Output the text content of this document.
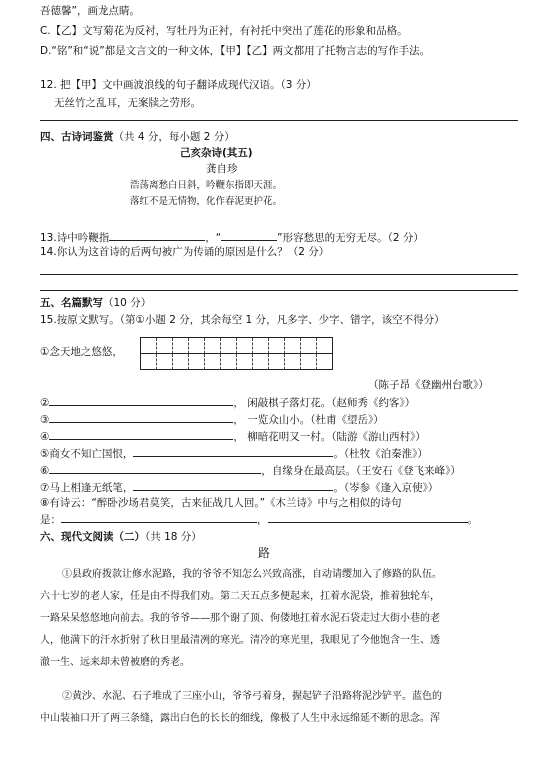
吾德馨”，画龙点睛。
C.【乙】文写菊花为反衬，写牡丹为正衬，有衬托中突出了莲花的形象和品格。
D.“铭”和“说”都是文言文的一种文体，【甲】【乙】两文都用了托物言志的写作手法。
12. 把【甲】文中画波浪线的句子翻译成现代汉语。（3 分）
无丝竹之乱耳，无案牍之劳形。
四、古诗词鉴赏（共 4 分，每小题 2 分）
己亥杂诗(其五)
龚自珍
浩荡离愁白日斜，吟鞭东指即天涯。
落红不是无情物，化作春泥更护花。
13.诗中吟鞭指	，“	”形容愁思的无穷无尽。（2 分）
14.你认为这首诗的后两句被广为传诵的原因是什么？（2 分）
五、名篇默写（10 分）
15.按原文默写。（第①小题 2 分，其余每空 1 分，凡多字、少字、错字，该空不得分）
①念天地之悠悠，
（陈子昂《登幽州台歌》）
②	， 闲敲棋子落灯花。（赵师秀《约客》）
③	， 一览众山小。（杜甫《望岳》）
④	， 柳暗花明又一村。（陆游《游山西村》）
⑤商女不知亡国恨，	。（杜牧《泊秦淮》）
⑥	，自缘身在最高层。（王安石《登飞来峰》）
⑦马上相逢无纸笔，	。（岑参《逢入京使》）
⑧有诗云：“醉卧沙场君莫笑，古来征战几人回。”《木兰诗》中与之相似的诗句
是：	，	。
六、现代文阅读（二）（共 18 分）
路
①县政府拨款让修水泥路，我的爷爷不知怎么兴致高涨，自动请缨加入了修路的队伍。
六十七岁的老人家，任是由不得我们劝。第二天五点多便起来，扛着水泥袋，推着独轮车，
一路呆呆悠悠地向前去。我的爷爷——那个谢了顶、佝偻地扛着水泥石袋走过大街小巷的老
人，他满下的汗水折射了秋日里最清冽的寒光。清冷的寒光里，我眼见了今他饱含一生、透
澈一生、远来却未曾被磨的秀老。
②黄沙、水泥、石子堆成了三座小山，爷爷弓着身，握起铲子沿路将泥沙铲平。蓝色的
中山装袖口开了两三条缝，露出白色的长长的细线，像极了人生中永远绵延不断的思念。浑
